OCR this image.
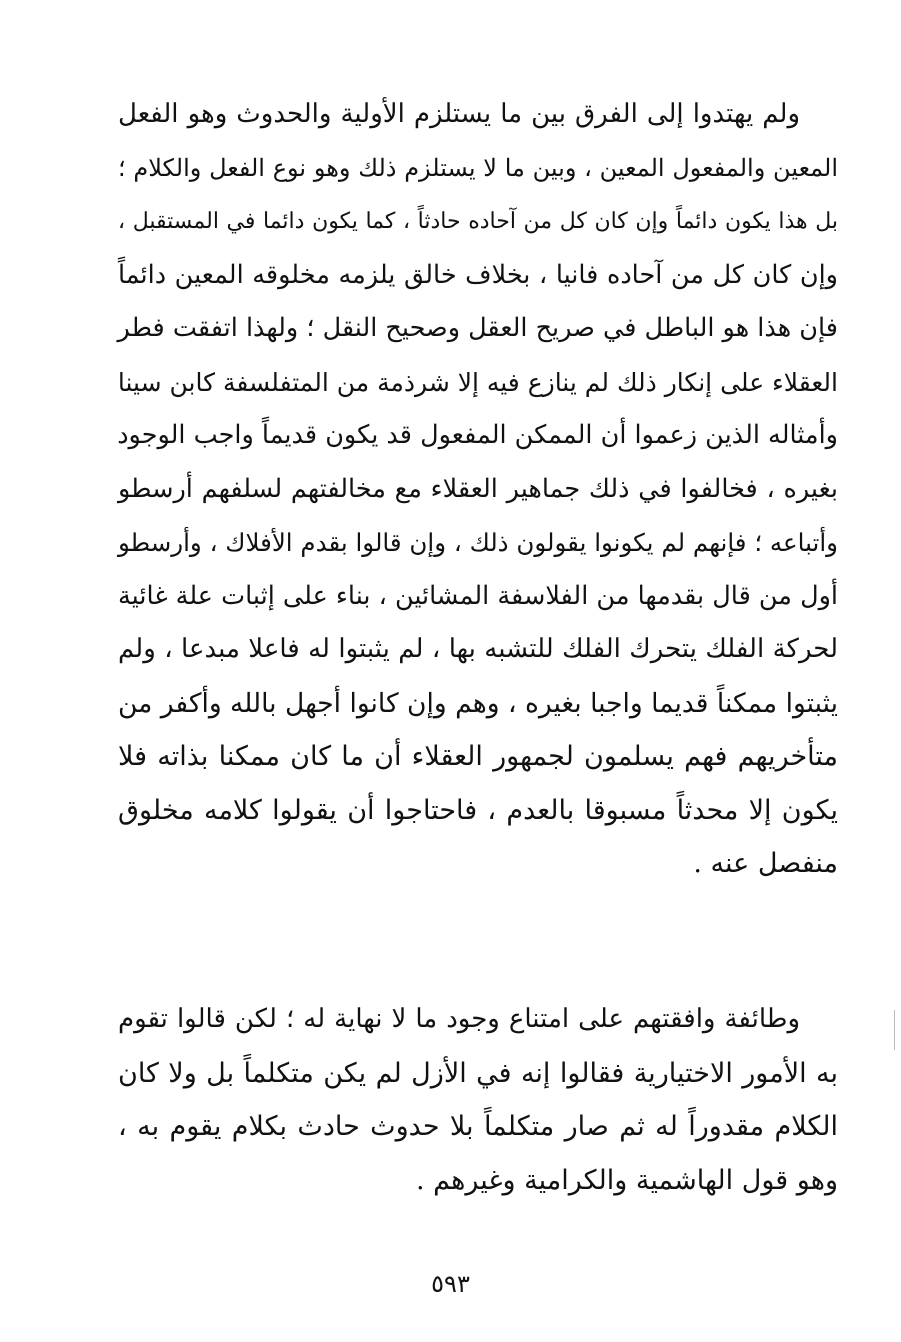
ولم يهتدوا إلى الفرق بين ما يستلزم الأولية والحدوث وهو الفعل
المعين والمفعول المعين ، وبين ما لا يستلزم ذلك وهو نوع الفعل والكلام ؛
بل هذا يكون دائماً وإن كان كل من آحاده حادثاً ، كما يكون دائما في المستقبل ،
وإن كان كل من آحاده فانيا ، بخلاف خالق يلزمه مخلوقه المعين دائماً
فإن هذا هو الباطل في صريح العقل وصحيح النقل ؛ ولهذا اتفقت فطر
العقلاء على إنكار ذلك لم ينازع فيه إلا شرذمة من المتفلسفة كابن سينا
وأمثاله الذين زعموا أن الممكن المفعول قد يكون قديماً واجب الوجود
بغيره ، فخالفوا في ذلك جماهير العقلاء مع مخالفتهم لسلفهم أرسطو
وأتباعه ؛ فإنهم لم يكونوا يقولون ذلك ، وإن قالوا بقدم الأفلاك ، وأرسطو
أول من قال بقدمها من الفلاسفة المشائين ، بناء على إثبات علة غائية
لحركة الفلك يتحرك الفلك للتشبه بها ، لم يثبتوا له فاعلا مبدعا ، ولم
يثبتوا ممكناً قديما واجبا بغيره ، وهم وإن كانوا أجهل بالله وأكفر من
متأخريهم فهم يسلمون لجمهور العقلاء أن ما كان ممكنا بذاته فلا
يكون إلا محدثاً مسبوقا بالعدم ، فاحتاجوا أن يقولوا كلامه مخلوق
منفصل عنه .
وطائفة وافقتهم على امتناع وجود ما لا نهاية له ؛ لكن قالوا تقوم
به الأمور الاختيارية فقالوا إنه في الأزل لم يكن متكلماً بل ولا كان
الكلام مقدوراً له ثم صار متكلماً بلا حدوث حادث بكلام يقوم به ،
وهو قول الهاشمية والكرامية وغيرهم .
٥٩٣
